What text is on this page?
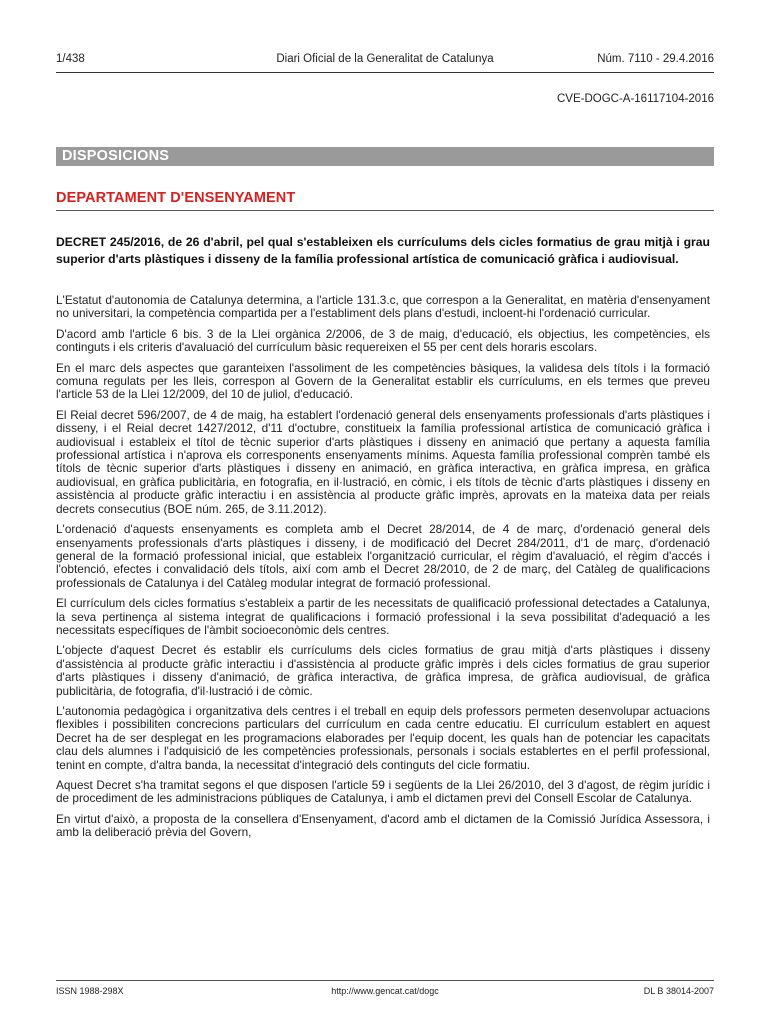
1/438	Diari Oficial de la Generalitat de Catalunya	Núm. 7110 - 29.4.2016
CVE-DOGC-A-16117104-2016
DISPOSICIONS
DEPARTAMENT D'ENSENYAMENT
DECRET 245/2016, de 26 d'abril, pel qual s'estableixen els currículums dels cicles formatius de grau mitjà i grau superior d'arts plàstiques i disseny de la família professional artística de comunicació gràfica i audiovisual.

L'Estatut d'autonomia de Catalunya determina, a l'article 131.3.c, que correspon a la Generalitat, en matèria d'ensenyament no universitari, la competència compartida per a l'establiment dels plans d'estudi, incloent-hi l'ordenació curricular.

D'acord amb l'article 6 bis. 3 de la Llei orgànica 2/2006, de 3 de maig, d'educació, els objectius, les competències, els continguts i els criteris d'avaluació del currículum bàsic requereixen el 55 per cent dels horaris escolars.

En el marc dels aspectes que garanteixen l'assoliment de les competències bàsiques, la validesa dels títols i la formació comuna regulats per les lleis, correspon al Govern de la Generalitat establir els currículums, en els termes que preveu l'article 53 de la Llei 12/2009, del 10 de juliol, d'educació.

El Reial decret 596/2007, de 4 de maig, ha establert l'ordenació general dels ensenyaments professionals d'arts plàstiques i disseny, i el Reial decret 1427/2012, d'11 d'octubre, constitueix la família professional artística de comunicació gràfica i audiovisual i estableix el títol de tècnic superior d'arts plàstiques i disseny en animació que pertany a aquesta família professional artística i n'aprova els corresponents ensenyaments mínims. Aquesta família professional comprèn també els títols de tècnic superior d'arts plàstiques i disseny en animació, en gràfica interactiva, en gràfica impresa, en gràfica audiovisual, en gràfica publicitària, en fotografia, en il·lustració, en còmic, i els títols de tècnic d'arts plàstiques i disseny en assistència al producte gràfic interactiu i en assistència al producte gràfic imprès, aprovats en la mateixa data per reials decrets consecutius (BOE núm. 265, de 3.11.2012).

L'ordenació d'aquests ensenyaments es completa amb el Decret 28/2014, de 4 de març, d'ordenació general dels ensenyaments professionals d'arts plàstiques i disseny, i de modificació del Decret 284/2011, d'1 de març, d'ordenació general de la formació professional inicial, que estableix l'organització curricular, el règim d'avaluació, el règim d'accés i l'obtenció, efectes i convalidació dels títols, així com amb el Decret 28/2010, de 2 de març, del Catàleg de qualificacions professionals de Catalunya i del Catàleg modular integrat de formació professional.

El currículum dels cicles formatius s'estableix a partir de les necessitats de qualificació professional detectades a Catalunya, la seva pertinença al sistema integrat de qualificacions i formació professional i la seva possibilitat d'adequació a les necessitats específiques de l'àmbit socioeconòmic dels centres.

L'objecte d'aquest Decret és establir els currículums dels cicles formatius de grau mitjà d'arts plàstiques i disseny d'assistència al producte gràfic interactiu i d'assistència al producte gràfic imprès i dels cicles formatius de grau superior d'arts plàstiques i disseny d'animació, de gràfica interactiva, de gràfica impresa, de gràfica audiovisual, de gràfica publicitària, de fotografia, d'il·lustració i de còmic.

L'autonomia pedagògica i organitzativa dels centres i el treball en equip dels professors permeten desenvolupar actuacions flexibles i possibiliten concrecions particulars del currículum en cada centre educatiu. El currículum establert en aquest Decret ha de ser desplegat en les programacions elaborades per l'equip docent, les quals han de potenciar les capacitats clau dels alumnes i l'adquisició de les competències professionals, personals i socials establertes en el perfil professional, tenint en compte, d'altra banda, la necessitat d'integració dels continguts del cicle formatiu.

Aquest Decret s'ha tramitat segons el que disposen l'article 59 i següents de la Llei 26/2010, del 3 d'agost, de règim jurídic i de procediment de les administracions públiques de Catalunya, i amb el dictamen previ del Consell Escolar de Catalunya.

En virtut d'això, a proposta de la consellera d'Ensenyament, d'acord amb el dictamen de la Comissió Jurídica Assessora, i amb la deliberació prèvia del Govern,

ISSN 1988-298X	http://www.gencat.cat/dogc	DL B 38014-2007
